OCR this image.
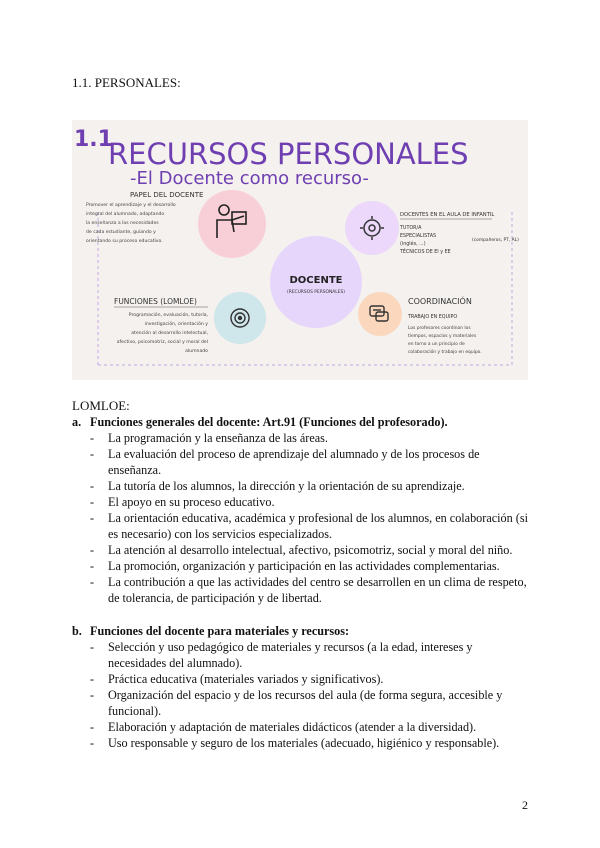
1.1. PERSONALES:
1.1
RECURSOS PERSONALES
-El Docente como recurso-
PAPEL DEL DOCENTE
Promover el aprendizaje y el desarrollo
integral del alumnado, adaptando
la enseñanza a las necesidades
de cada estudiante, guiando y
orientando su proceso educativo.
DOCENTE
(RECURSOS PERSONALES)
DOCENTES EN EL AULA DE INFANTIL
TUTOR/A
ESPECIALISTAS
(inglés, ...)
TÉCNICOS DE EI y EE
(compañeros, PT, AL)
FUNCIONES (LOMLOE)
Programación, evaluación, tutoría,
investigación, orientación y
atención al desarrollo intelectual,
afectivo, psicomotriz, social y moral del
alumnado
COORDINACIÓN
TRABAJO EN EQUIPO
Los profesores coordinan los
tiempos, espacios y materiales
en torno a un principio de
colaboración y trabajo en equipo.
LOMLOE:
a. Funciones generales del docente: Art.91 (Funciones del profesorado).
- La programación y la enseñanza de las áreas.
- La evaluación del proceso de aprendizaje del alumnado y de los procesos de enseñanza.
- La tutoría de los alumnos, la dirección y la orientación de su aprendizaje.
- El apoyo en su proceso educativo.
- La orientación educativa, académica y profesional de los alumnos, en colaboración (si es necesario) con los servicios especializados.
- La atención al desarrollo intelectual, afectivo, psicomotriz, social y moral del niño.
- La promoción, organización y participación en las actividades complementarias.
- La contribución a que las actividades del centro se desarrollen en un clima de respeto, de tolerancia, de participación y de libertad.
b. Funciones del docente para materiales y recursos:
- Selección y uso pedagógico de materiales y recursos (a la edad, intereses y necesidades del alumnado).
- Práctica educativa (materiales variados y significativos).
- Organización del espacio y de los recursos del aula (de forma segura, accesible y funcional).
- Elaboración y adaptación de materiales didácticos (atender a la diversidad).
- Uso responsable y seguro de los materiales (adecuado, higiénico y responsable).
2
